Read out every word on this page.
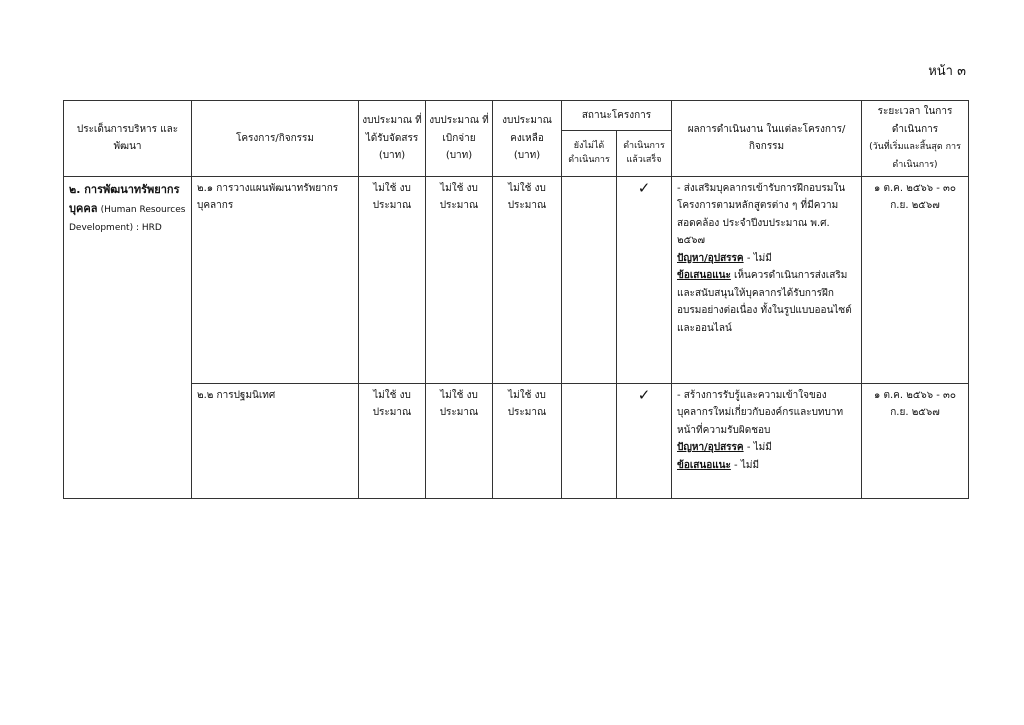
หน้า ๓
ประเด็นการบริหาร และพัฒนา	โครงการ/กิจกรรม	งบประมาณ ที่ได้รับจัดสรร (บาท)	งบประมาณ ที่เบิกจ่าย (บาท)	งบประมาณ คงเหลือ (บาท)	สถานะโครงการ		ผลการดำเนินงาน ในแต่ละโครงการ/กิจกรรม	ระยะเวลา ในการ ดำเนินการ
(วันที่เริ่มและสิ้นสุด การดำเนินการ)
					ยังไม่ได้ ดำเนินการ	ดำเนินการ แล้วเสร็จ		
๒. การพัฒนาทรัพยากร
บุคคล (Human Resources Development) : HRD	๒.๑ การวางแผนพัฒนาทรัพยากรบุคลากร	ไม่ใช้ งบประมาณ	ไม่ใช้ งบประมาณ	ไม่ใช้ งบประมาณ		✓	- ส่งเสริมบุคลากรเข้ารับการฝึกอบรมในโครงการตามหลักสูตรต่าง ๆ ที่มีความสอดคล้อง ประจำปีงบประมาณ พ.ศ. ๒๕๖๗
ปัญหา/อุปสรรค - ไม่มี
ข้อเสนอแนะ เห็นควรดำเนินการส่งเสริมและสนับสนุนให้บุคลากรได้รับการฝึกอบรมอย่างต่อเนื่อง ทั้งในรูปแบบออนไซต์และออนไลน์	๑ ต.ค. ๒๕๖๖ - ๓๐ ก.ย. ๒๕๖๗
	๒.๒ การปฐมนิเทศ	ไม่ใช้ งบประมาณ	ไม่ใช้ งบประมาณ	ไม่ใช้ งบประมาณ		✓	- สร้างการรับรู้และความเข้าใจของบุคลากรใหม่เกี่ยวกับองค์กรและบทบาทหน้าที่ความรับผิดชอบ
ปัญหา/อุปสรรค - ไม่มี
ข้อเสนอแนะ - ไม่มี	๑ ต.ค. ๒๕๖๖ - ๓๐ ก.ย. ๒๕๖๗
